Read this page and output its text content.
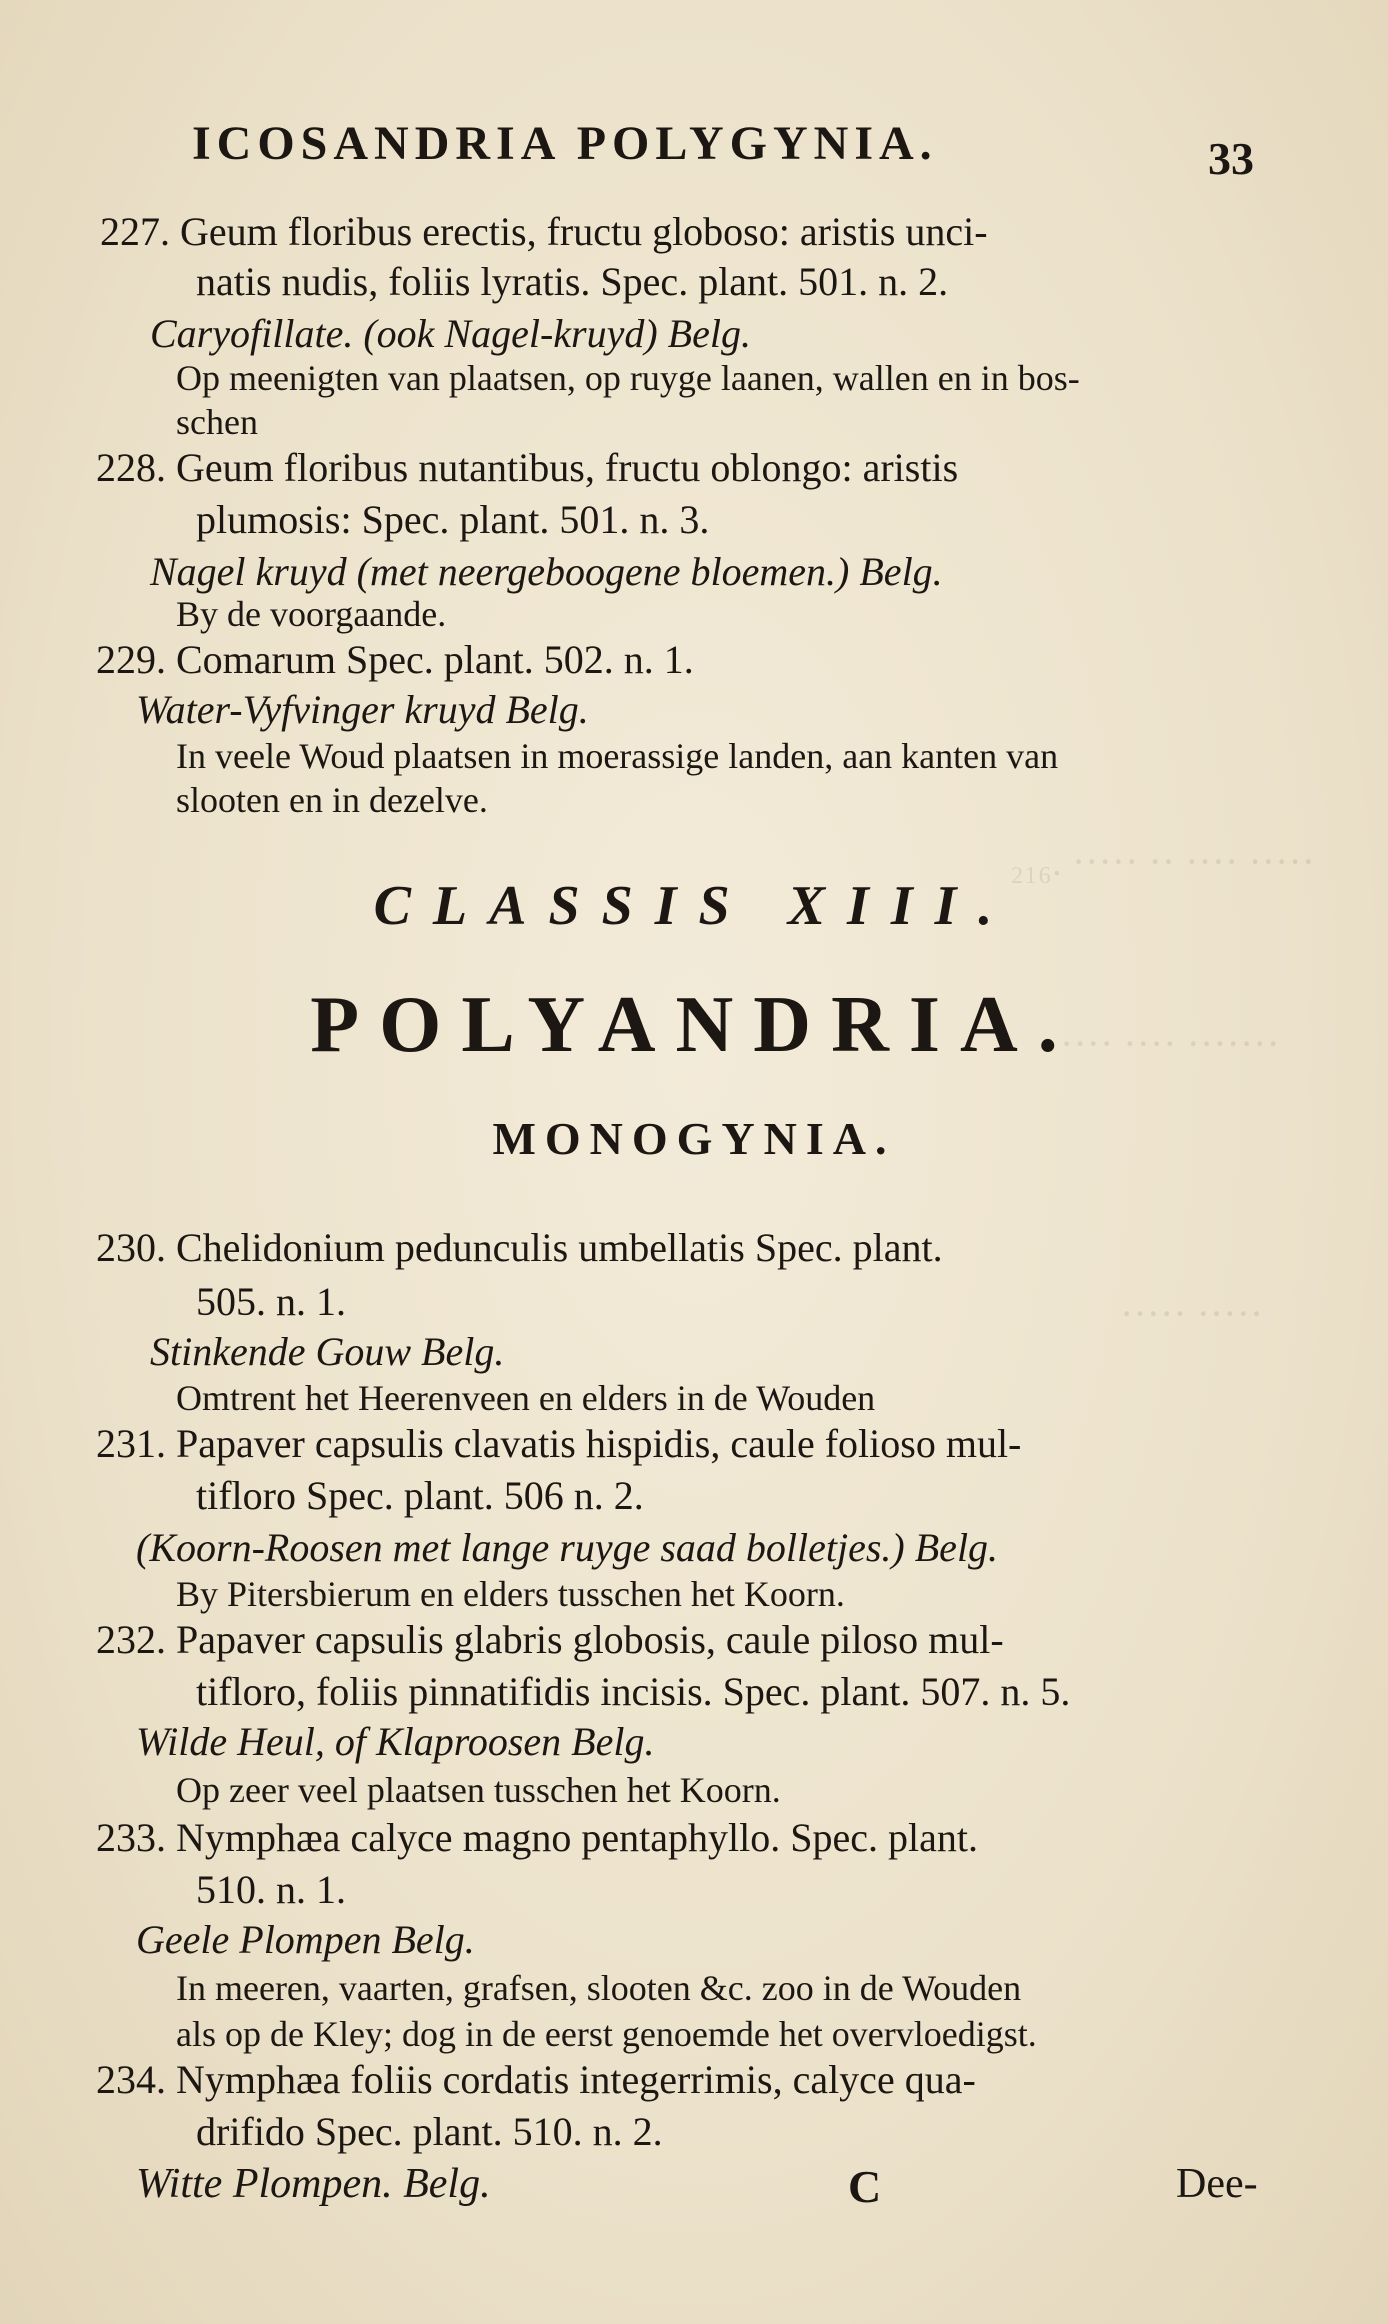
₂₁₆. ····· ·· ···· ·····
···· ···· ·······
····· ·····
ICOSANDRIA POLYGYNIA.	33
227. Geum floribus erectis, fructu globoso: aristis unci-
natis nudis, foliis lyratis. Spec. plant. 501. n. 2.
Caryofillate. (ook Nagel-kruyd) Belg.
Op meenigten van plaatsen, op ruyge laanen, wallen en in bos-
schen
228. Geum floribus nutantibus, fructu oblongo: aristis
plumosis: Spec. plant. 501. n. 3.
Nagel kruyd (met neergeboogene bloemen.) Belg.
By de voorgaande.
229. Comarum Spec. plant. 502. n. 1.
Water-Vyfvinger kruyd Belg.
In veele Woud plaatsen in moerassige landen, aan kanten van
slooten en in dezelve.
CLASSIS XIII.
POLYANDRIA.
MONOGYNIA.
230. Chelidonium pedunculis umbellatis Spec. plant.
505. n. 1.
Stinkende Gouw Belg.
Omtrent het Heerenveen en elders in de Wouden
231. Papaver capsulis clavatis hispidis, caule folioso mul-
tifloro Spec. plant. 506 n. 2.
(Koorn-Roosen met lange ruyge saad bolletjes.) Belg.
By Pitersbierum en elders tusschen het Koorn.
232. Papaver capsulis glabris globosis, caule piloso mul-
tifloro, foliis pinnatifidis incisis. Spec. plant. 507. n. 5.
Wilde Heul, of Klaproosen Belg.
Op zeer veel plaatsen tusschen het Koorn.
233. Nymphæa calyce magno pentaphyllo. Spec. plant.
510. n. 1.
Geele Plompen Belg.
In meeren, vaarten, grafsen, slooten &c. zoo in de Wouden
als op de Kley; dog in de eerst genoemde het overvloedigst.
234. Nymphæa foliis cordatis integerrimis, calyce qua-
drifido Spec. plant. 510. n. 2.
Witte Plompen. Belg.	C	Dee-
